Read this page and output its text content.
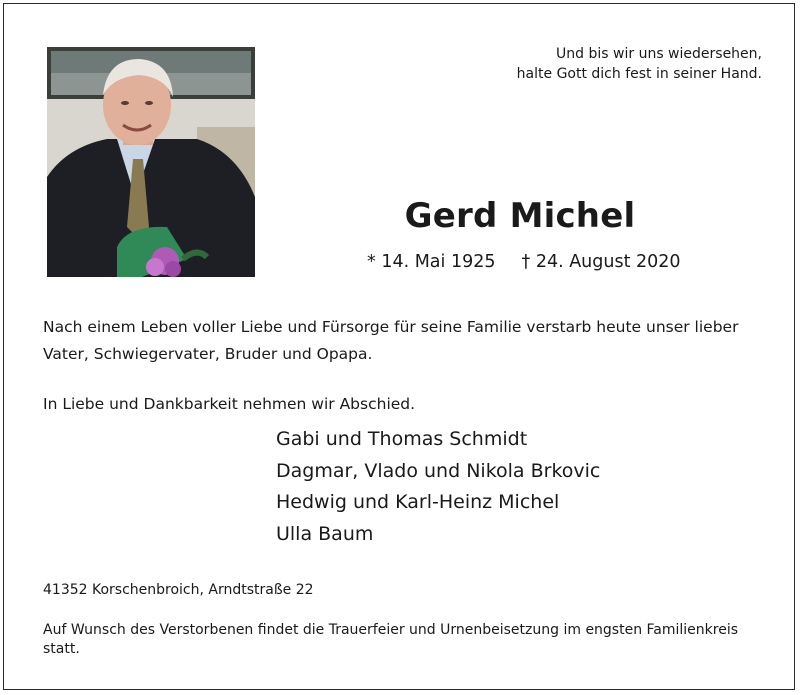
Und bis wir uns wiedersehen,
halte Gott dich fest in seiner Hand.
Gerd Michel
* 14. Mai 1925 † 24. August 2020
Nach einem Leben voller Liebe und Fürsorge für seine Familie verstarb heute unser lieber Vater, Schwiegervater, Bruder und Opapa.
In Liebe und Dankbarkeit nehmen wir Abschied.
Gabi und Thomas Schmidt
Dagmar, Vlado und Nikola Brkovic
Hedwig und Karl-Heinz Michel
Ulla Baum
41352 Korschenbroich, Arndtstraße 22
Auf Wunsch des Verstorbenen findet die Trauerfeier und Urnenbeisetzung im engsten Familienkreis statt.
